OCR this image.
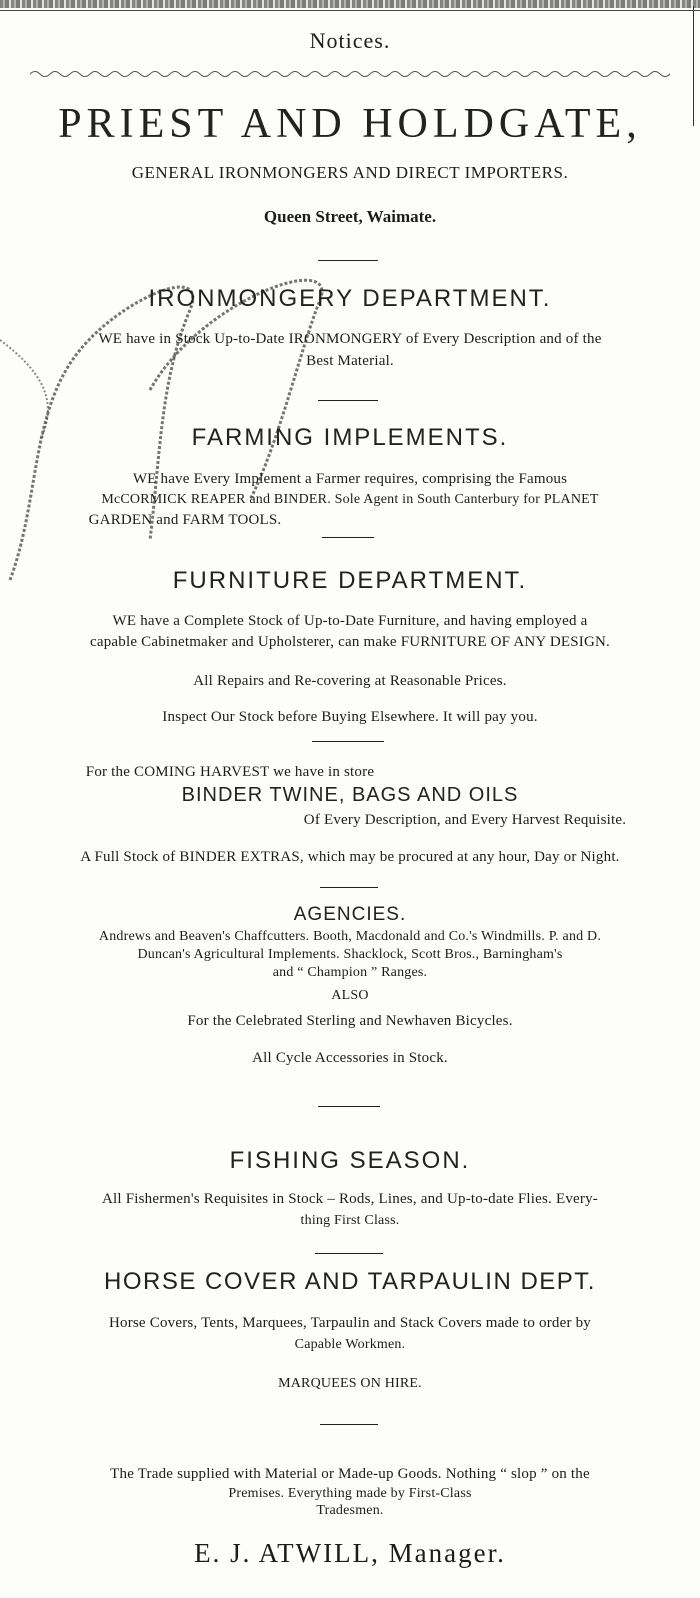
Notices.
PRIEST AND HOLDGATE,
GENERAL IRONMONGERS AND DIRECT IMPORTERS.
Queen Street, Waimate.
IRONMONGERY DEPARTMENT.
WE have in Stock Up-to-Date IRONMONGERY of Every Description and of the
Best Material.
FARMING IMPLEMENTS.
WE have Every Implement a Farmer requires, comprising the Famous
McCORMICK REAPER and BINDER. Sole Agent in South Canterbury for PLANET
GARDEN and FARM TOOLS.
FURNITURE DEPARTMENT.
WE have a Complete Stock of Up-to-Date Furniture, and having employed a
capable Cabinetmaker and Upholsterer, can make FURNITURE OF ANY DESIGN.
All Repairs and Re-covering at Reasonable Prices.
Inspect Our Stock before Buying Elsewhere. It will pay you.
For the COMING HARVEST we have in store
BINDER TWINE, BAGS AND OILS
Of Every Description, and Every Harvest Requisite.
A Full Stock of BINDER EXTRAS, which may be procured at any hour, Day or Night.
AGENCIES.
Andrews and Beaven's Chaffcutters. Booth, Macdonald and Co.'s Windmills. P. and D.
Duncan's Agricultural Implements. Shacklock, Scott Bros., Barningham's
and “ Champion ” Ranges.
ALSO
For the Celebrated Sterling and Newhaven Bicycles.
All Cycle Accessories in Stock.
FISHING SEASON.
All Fishermen's Requisites in Stock – Rods, Lines, and Up-to-date Flies. Every-
thing First Class.
HORSE COVER AND TARPAULIN DEPT.
Horse Covers, Tents, Marquees, Tarpaulin and Stack Covers made to order by
Capable Workmen.
MARQUEES ON HIRE.
The Trade supplied with Material or Made-up Goods. Nothing “ slop ” on the
Premises. Everything made by First-Class
Tradesmen.
E. J. ATWILL, Manager.
